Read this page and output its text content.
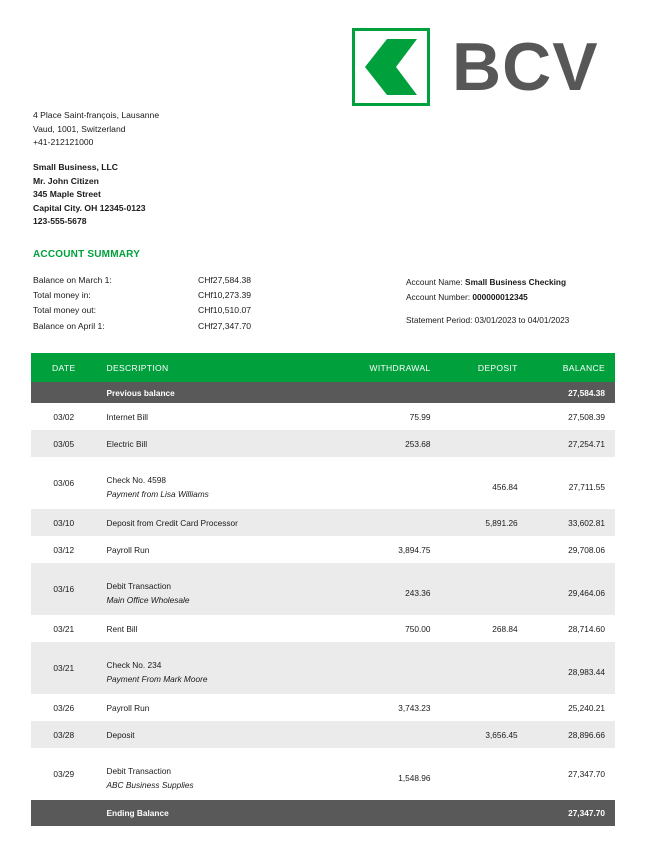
BCV
4 Place Saint-françois, Lausanne
Vaud, 1001, Switzerland
+41-212121000
Small Business, LLC
Mr. John Citizen
345 Maple Street
Capital City. OH 12345-0123
123-555-5678
ACCOUNT SUMMARY
Balance on March 1:	CHf27,584.38
Total money in:	CHf10,273.39
Total money out:	CHf10,510.07
Balance on April 1:	CHf27,347.70
Account Name: Small Business Checking
Account Number: 000000012345
Statement Period: 03/01/2023 to 04/01/2023
DATE	DESCRIPTION	WITHDRAWAL	DEPOSIT	BALANCE
	Previous balance			27,584.38
03/02	Internet Bill	75.99		27,508.39
03/05	Electric Bill	253.68		27,254.71
03/06	Check No. 4598
Payment from Lisa Williams		456.84	27,711.55
03/10	Deposit from Credit Card Processor		5,891.26	33,602.81
03/12	Payroll Run	3,894.75		29,708.06
03/16	Debit Transaction
Main Office Wholesale	243.36		29,464.06
03/21	Rent Bill	750.00	268.84	28,714.60
03/21	Check No. 234
Payment From Mark Moore			28,983.44
03/26	Payroll Run	3,743.23		25,240.21
03/28	Deposit		3,656.45	28,896.66
03/29	Debit Transaction
ABC Business Supplies	1,548.96		27,347.70
	Ending Balance			27,347.70
